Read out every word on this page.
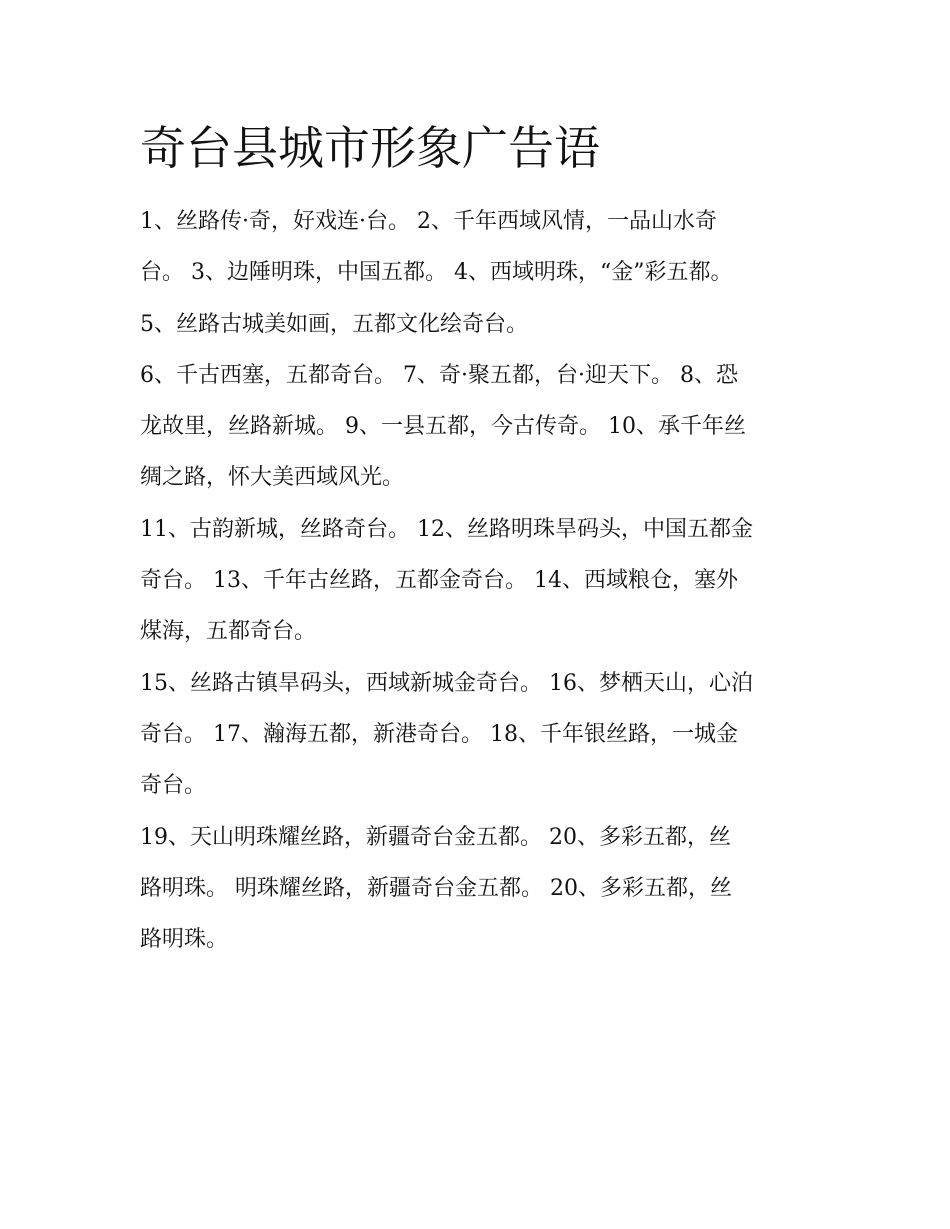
奇台县城市形象广告语
1、丝路传·奇，好戏连·台。 2、千年西域风情，一品山水奇
台。 3、边陲明珠，中国五都。 4、西域明珠，“金”彩五都。
5、丝路古城美如画，五都文化绘奇台。
6、千古西塞，五都奇台。 7、奇·聚五都，台·迎天下。 8、恐
龙故里，丝路新城。 9、一县五都，今古传奇。 10、承千年丝
绸之路，怀大美西域风光。
11、古韵新城，丝路奇台。 12、丝路明珠旱码头，中国五都金
奇台。 13、千年古丝路，五都金奇台。 14、西域粮仓，塞外
煤海，五都奇台。
15、丝路古镇旱码头，西域新城金奇台。 16、梦栖天山，心泊
奇台。 17、瀚海五都，新港奇台。 18、千年银丝路，一城金
奇台。
19、天山明珠耀丝路，新疆奇台金五都。 20、多彩五都，丝
路明珠。 明珠耀丝路，新疆奇台金五都。 20、多彩五都，丝
路明珠。
